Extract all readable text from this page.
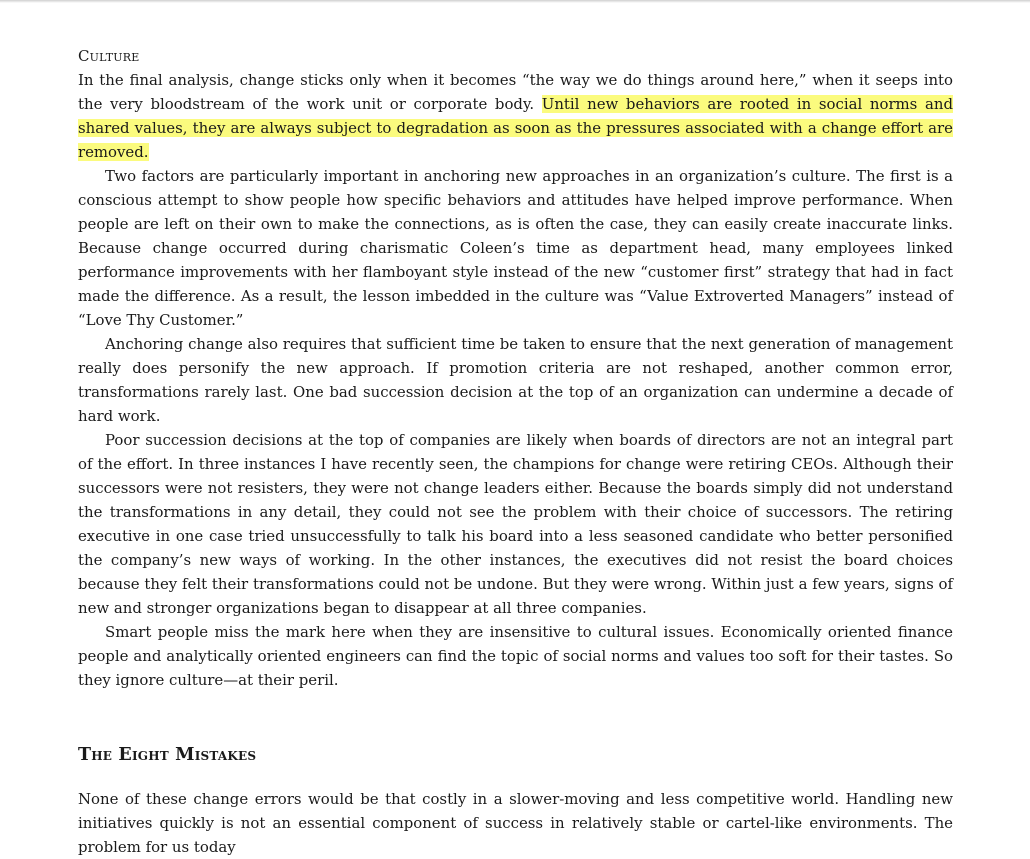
Culture

In the final analysis, change sticks only when it becomes “the way we do things around here,” when it seeps into the very bloodstream of the work unit or corporate body. Until new behaviors are rooted in social norms and shared values, they are always subject to degradation as soon as the pressures associated with a change effort are removed.

Two factors are particularly important in anchoring new approaches in an organization’s culture. The first is a conscious attempt to show people how specific behaviors and attitudes have helped improve performance. When people are left on their own to make the connections, as is often the case, they can easily create inaccurate links. Because change occurred during charismatic Coleen’s time as department head, many employees linked performance improvements with her flamboyant style instead of the new “customer first” strategy that had in fact made the difference. As a result, the lesson imbedded in the culture was “Value Extroverted Managers” instead of “Love Thy Customer.”

Anchoring change also requires that sufficient time be taken to ensure that the next generation of management really does personify the new approach. If promotion criteria are not reshaped, another common error, transformations rarely last. One bad succession decision at the top of an organization can undermine a decade of hard work.

Poor succession decisions at the top of companies are likely when boards of directors are not an integral part of the effort. In three instances I have recently seen, the champions for change were retiring CEOs. Although their successors were not resisters, they were not change leaders either. Because the boards simply did not understand the transformations in any detail, they could not see the problem with their choice of successors. The retiring executive in one case tried unsuccessfully to talk his board into a less seasoned candidate who better personified the company’s new ways of working. In the other instances, the executives did not resist the board choices because they felt their transformations could not be undone. But they were wrong. Within just a few years, signs of new and stronger organizations began to disappear at all three companies.

Smart people miss the mark here when they are insensitive to cultural issues. Economically oriented finance people and analytically oriented engineers can find the topic of social norms and values too soft for their tastes. So they ignore culture—at their peril.

The Eight Mistakes

None of these change errors would be that costly in a slower-moving and less competitive world. Handling new initiatives quickly is not an essential component of success in relatively stable or cartel-like environments. The problem for us today
